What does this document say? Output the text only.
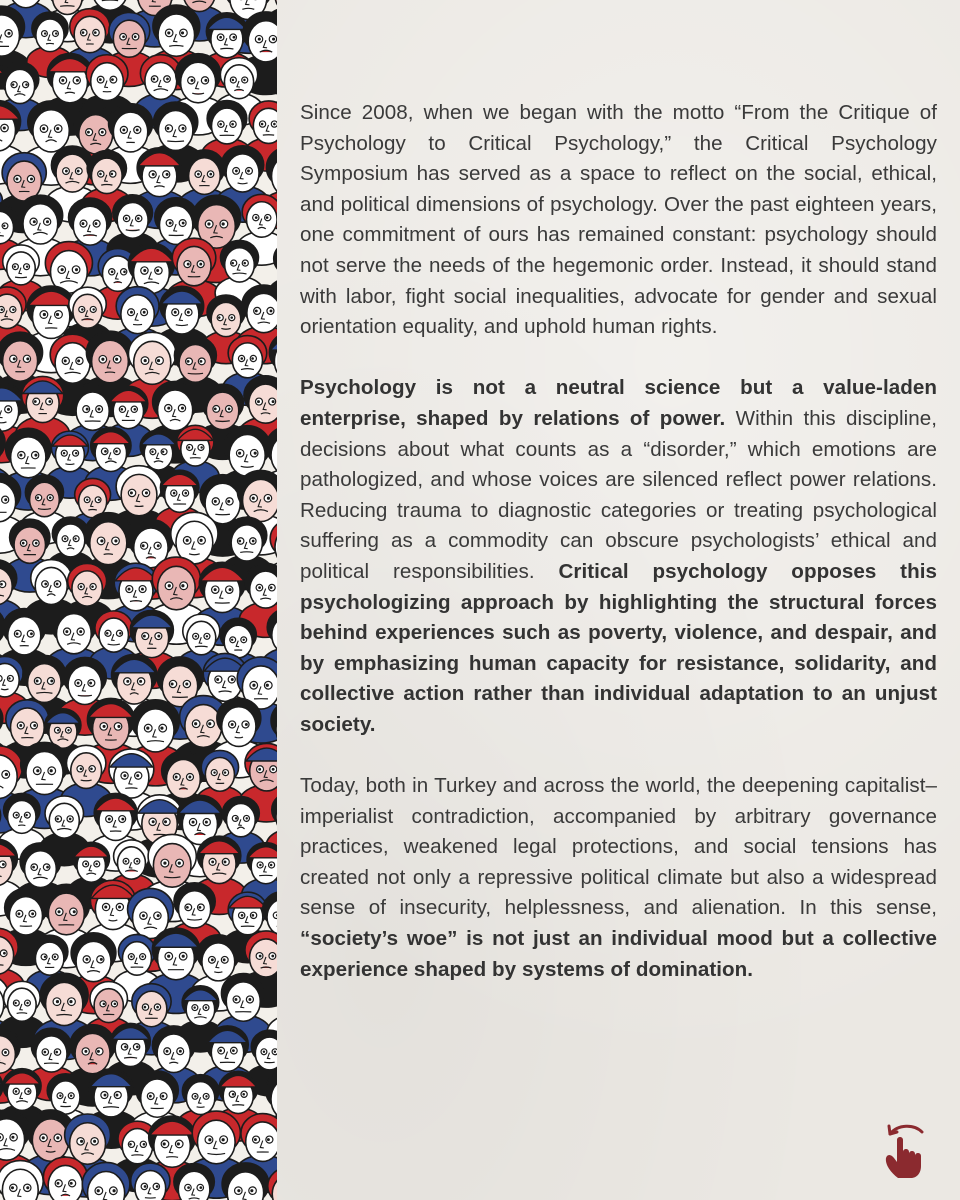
Since 2008, when we began with the motto “From the Critique of Psychology to Critical Psychology,” the Critical Psychology Symposium has served as a space to reflect on the social, ethical, and political dimensions of psychology. Over the past eighteen years, one commitment of ours has remained constant: psychology should not serve the needs of the hegemonic order. Instead, it should stand with labor, fight social inequalities, advocate for gender and sexual orientation equality, and uphold human rights.

Psychology is not a neutral science but a value-laden enterprise, shaped by relations of power. Within this discipline, decisions about what counts as a “disorder,” which emotions are pathologized, and whose voices are silenced reflect power relations. Reducing trauma to diagnostic categories or treating psychological suffering as a commodity can obscure psychologists’ ethical and political responsibilities. Critical psychology opposes this psychologizing approach by highlighting the structural forces behind experiences such as poverty, violence, and despair, and by emphasizing human capacity for resistance, solidarity, and collective action rather than individual adaptation to an unjust society.

Today, both in Turkey and across the world, the deepening capitalist–imperialist contradiction, accompanied by arbitrary governance practices, weakened legal protections, and social tensions has created not only a repressive political climate but also a widespread sense of insecurity, helplessness, and alienation. In this sense, “society’s woe” is not just an individual mood but a collective experience shaped by systems of domination.
